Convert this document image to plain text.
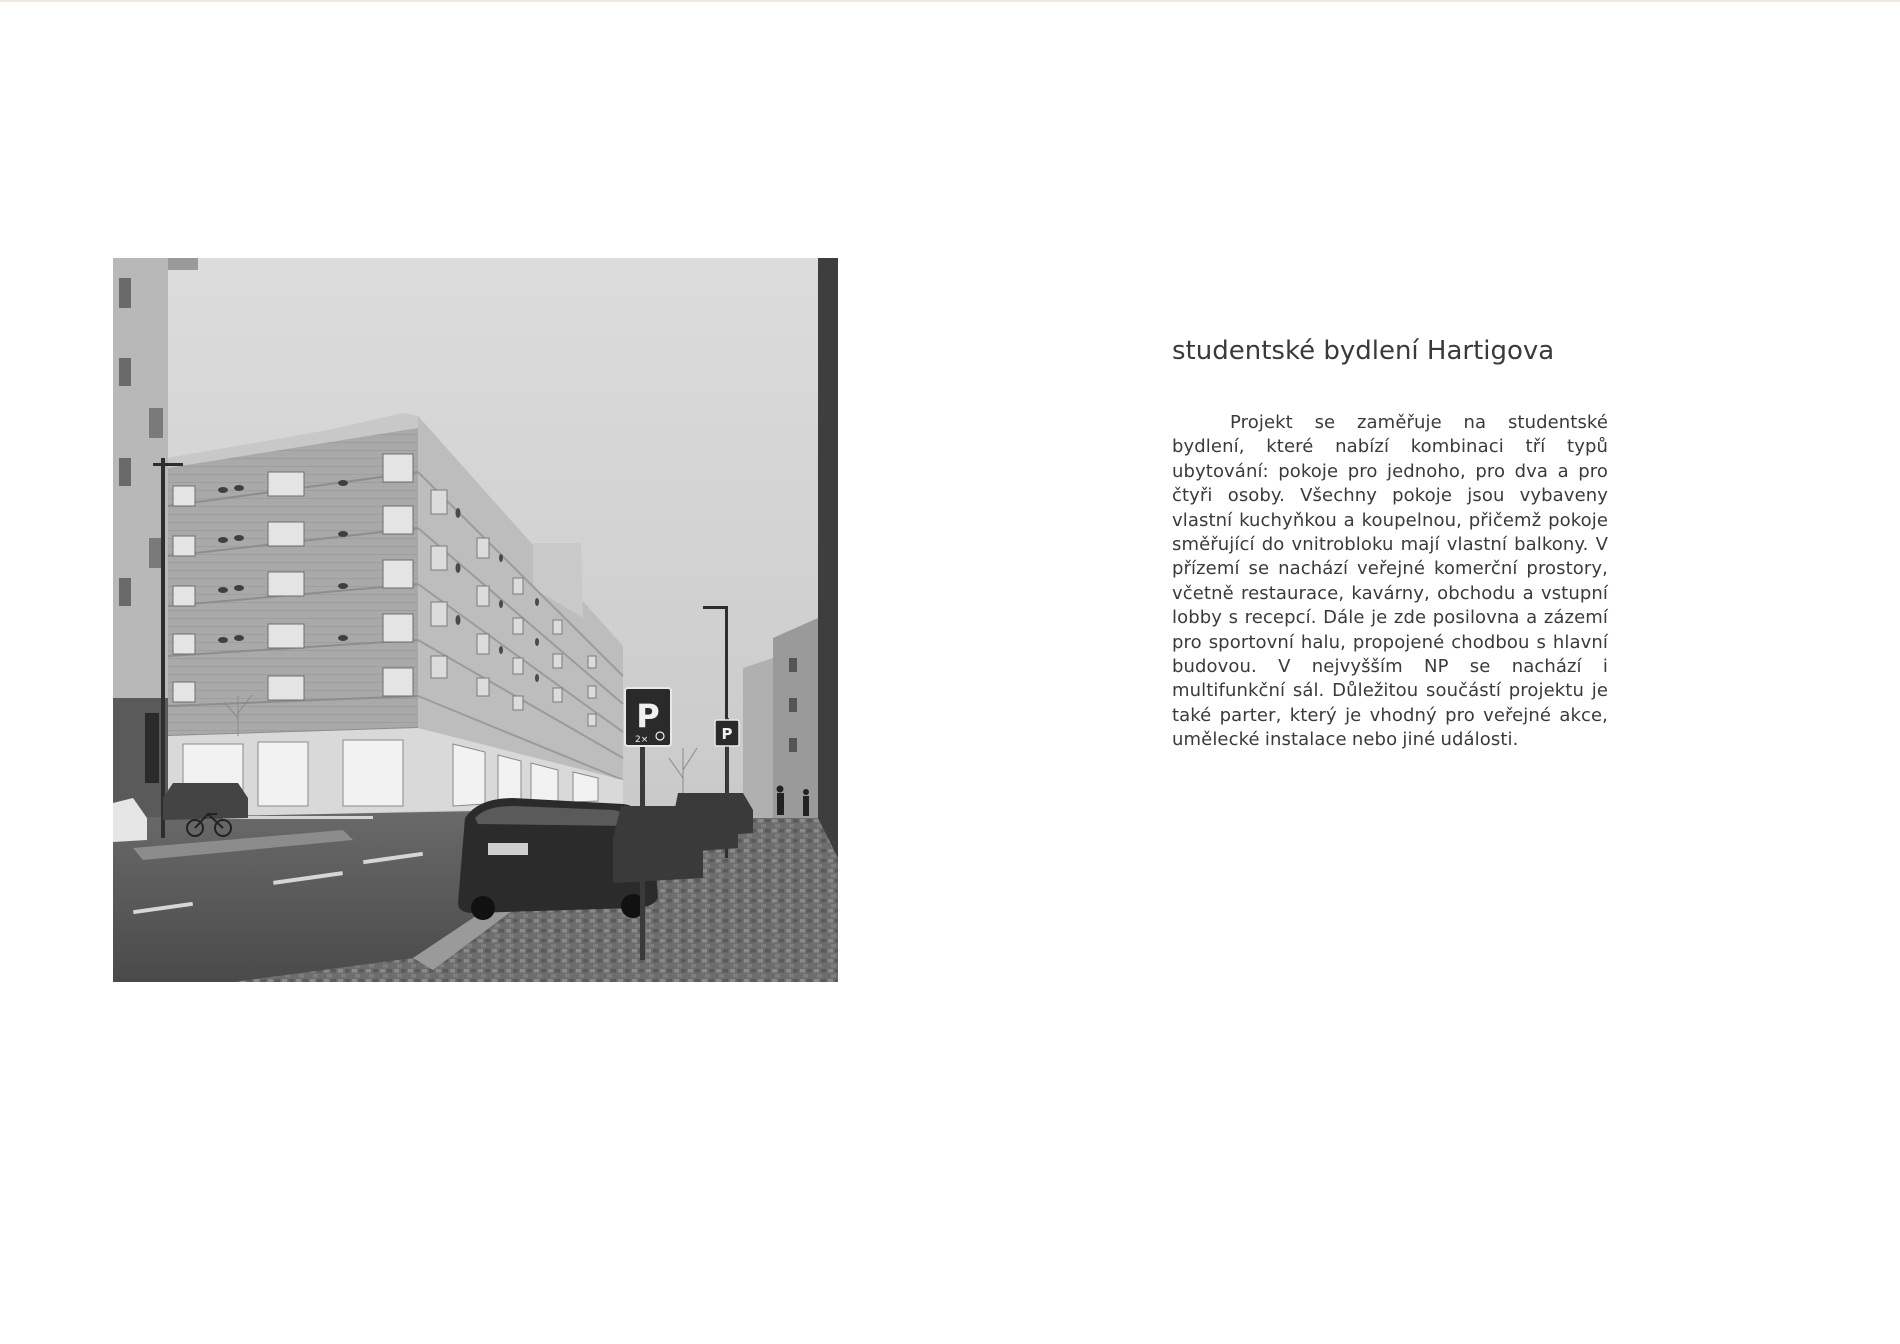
P
2×	P
studentské bydlení Hartigova

Projekt se zaměřuje na studentské bydlení, které nabízí kombinaci tří typů ubytování: pokoje pro jednoho, pro dva a pro čtyři osoby. Všechny pokoje jsou vybaveny vlastní kuchyňkou a koupelnou, přičemž pokoje směřující do vnitrobloku mají vlastní balkony. V přízemí se nachází veřejné komerční prostory, včetně restaurace, kavárny, obchodu a vstupní lobby s recepcí. Dále je zde posilovna a zázemí pro sportovní halu, propojené chodbou s hlavní budovou. V nejvyšším NP se nachází i multifunkční sál. Důležitou součástí projektu je také parter, který je vhodný pro veřejné akce, umělecké instalace nebo jiné události.
